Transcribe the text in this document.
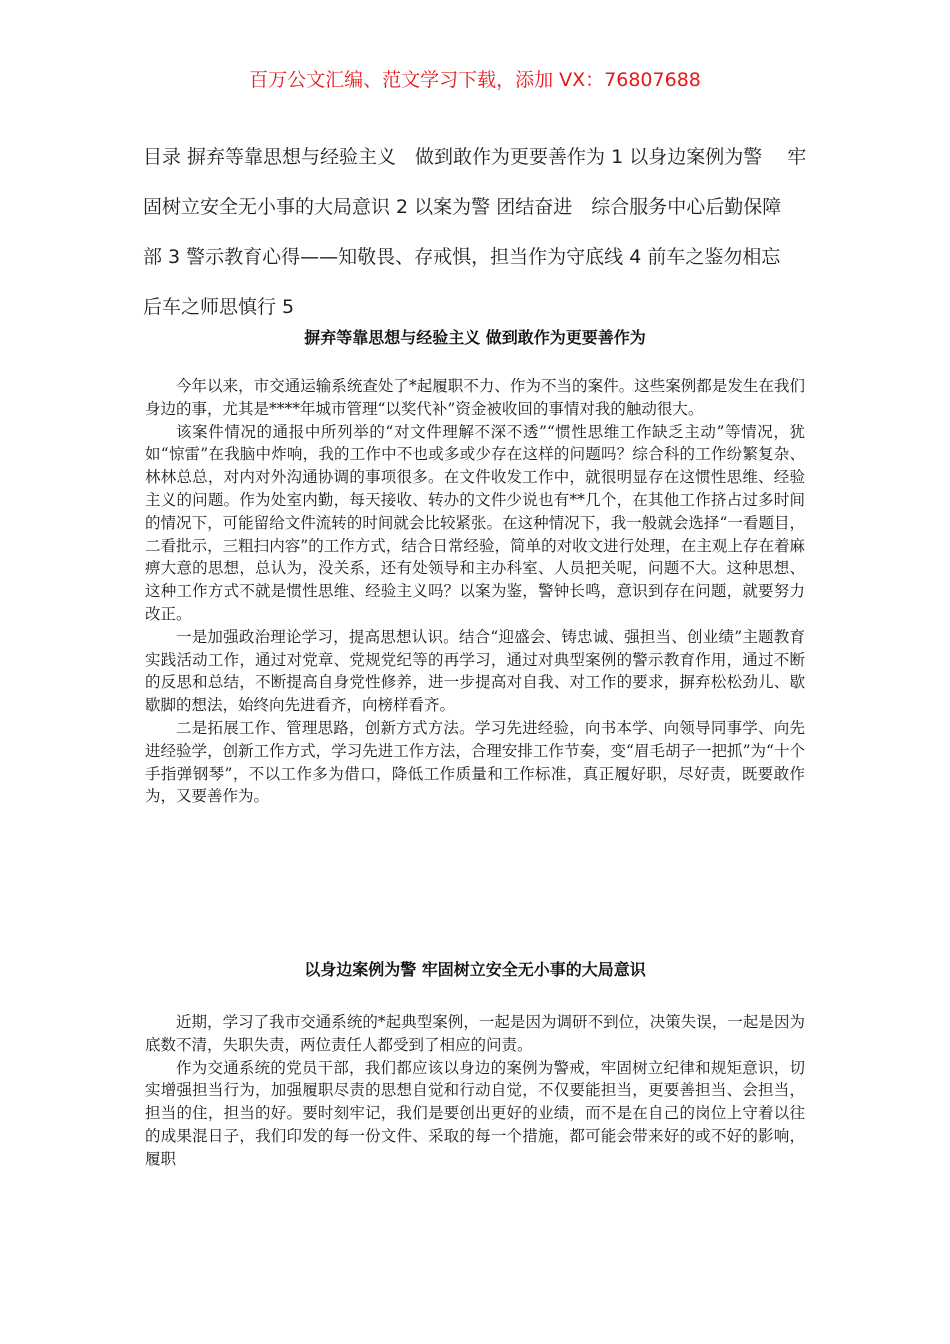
百万公文汇编、范文学习下载，添加 VX：76807688
目录 摒弃等靠思想与经验主义　做到敢作为更要善作为 1 以身边案例为警　 牢
固树立安全无小事的大局意识 2 以案为警 团结奋进　综合服务中心后勤保障
部 3 警示教育心得——知敬畏、存戒惧，担当作为守底线 4 前车之鉴勿相忘
后车之师思慎行 5
摒弃等靠思想与经验主义 做到敢作为更要善作为

今年以来，市交通运输系统查处了*起履职不力、作为不当的案件。这些案例都是发生在我们身边的事，尤其是****年城市管理“以奖代补”资金被收回的事情对我的触动很大。

该案件情况的通报中所列举的“对文件理解不深不透”“惯性思维工作缺乏主动”等情况，犹如“惊雷”在我脑中炸响，我的工作中不也或多或少存在这样的问题吗？综合科的工作纷繁复杂、林林总总，对内对外沟通协调的事项很多。在文件收发工作中，就很明显存在这惯性思维、经验主义的问题。作为处室内勤，每天接收、转办的文件少说也有**几个，在其他工作挤占过多时间的情况下，可能留给文件流转的时间就会比较紧张。在这种情况下，我一般就会选择“一看题目，二看批示，三粗扫内容”的工作方式，结合日常经验，简单的对收文进行处理，在主观上存在着麻痹大意的思想，总认为，没关系，还有处领导和主办科室、人员把关呢，问题不大。这种思想、这种工作方式不就是惯性思维、经验主义吗？以案为鉴，警钟长鸣，意识到存在问题，就要努力改正。

一是加强政治理论学习，提高思想认识。结合“迎盛会、铸忠诚、强担当、创业绩”主题教育实践活动工作，通过对党章、党规党纪等的再学习，通过对典型案例的警示教育作用，通过不断的反思和总结，不断提高自身党性修养，进一步提高对自我、对工作的要求，摒弃松松劲儿、歇歇脚的想法，始终向先进看齐，向榜样看齐。

二是拓展工作、管理思路，创新方式方法。学习先进经验，向书本学、向领导同事学、向先进经验学，创新工作方式，学习先进工作方法，合理安排工作节奏，变“眉毛胡子一把抓”为“十个手指弹钢琴”，不以工作多为借口，降低工作质量和工作标准，真正履好职，尽好责，既要敢作为，又要善作为。

以身边案例为警 牢固树立安全无小事的大局意识

近期，学习了我市交通系统的*起典型案例，一起是因为调研不到位，决策失误，一起是因为底数不清，失职失责，两位责任人都受到了相应的问责。

作为交通系统的党员干部，我们都应该以身边的案例为警戒，牢固树立纪律和规矩意识，切实增强担当行为，加强履职尽责的思想自觉和行动自觉，不仅要能担当，更要善担当、会担当，担当的住，担当的好。要时刻牢记，我们是要创出更好的业绩，而不是在自己的岗位上守着以往的成果混日子，我们印发的每一份文件、采取的每一个措施，都可能会带来好的或不好的影响，履职
